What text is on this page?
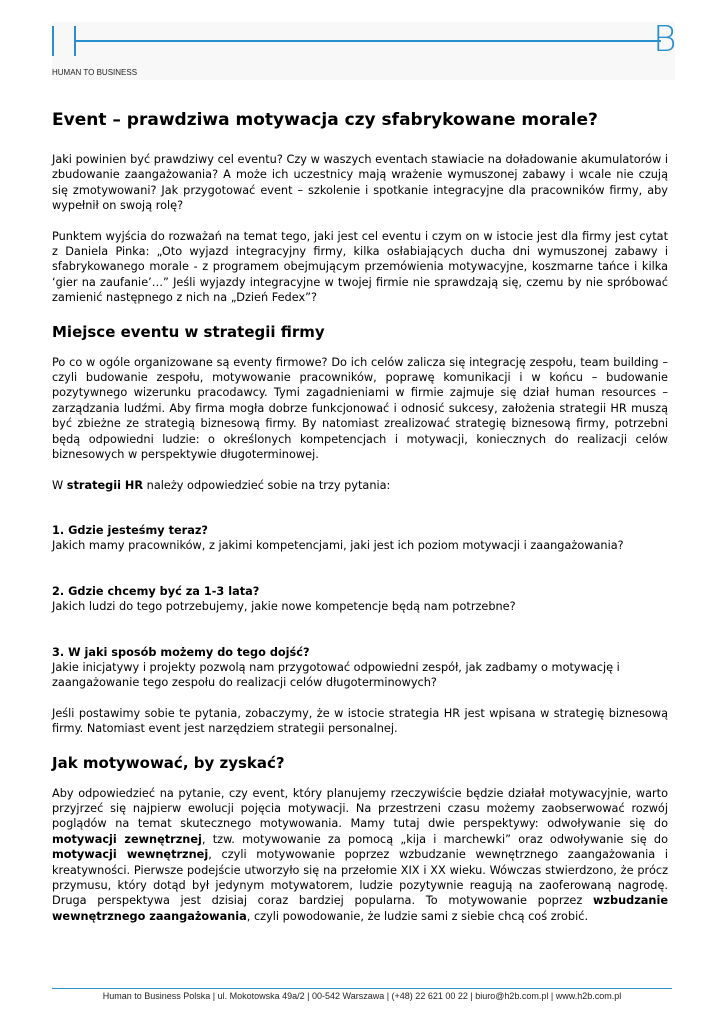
B
HUMAN TO BUSINESS
Event – prawdziwa motywacja czy sfabrykowane morale?

Jaki powinien być prawdziwy cel eventu? Czy w waszych eventach stawiacie na doładowanie akumulatorów i zbudowanie zaangażowania? A może ich uczestnicy mają wrażenie wymuszonej zabawy i wcale nie czują się zmotywowani? Jak przygotować event – szkolenie i spotkanie integracyjne dla pracowników firmy, aby wypełnił on swoją rolę?

Punktem wyjścia do rozważań na temat tego, jaki jest cel eventu i czym on w istocie jest dla firmy jest cytat z Daniela Pinka: „Oto wyjazd integracyjny firmy, kilka osłabiających ducha dni wymuszonej zabawy i sfabrykowanego morale - z programem obejmującym przemówienia motywacyjne, koszmarne tańce i kilka ‘gier na zaufanie’…” Jeśli wyjazdy integracyjne w twojej firmie nie sprawdzają się, czemu by nie spróbować zamienić następnego z nich na „Dzień Fedex”?

Miejsce eventu w strategii firmy

Po co w ogóle organizowane są eventy firmowe? Do ich celów zalicza się integrację zespołu, team building – czyli budowanie zespołu, motywowanie pracowników, poprawę komunikacji i w końcu – budowanie pozytywnego wizerunku pracodawcy. Tymi zagadnieniami w firmie zajmuje się dział human resources – zarządzania ludźmi. Aby firma mogła dobrze funkcjonować i odnosić sukcesy, założenia strategii HR muszą być zbieżne ze strategią biznesową firmy. By natomiast zrealizować strategię biznesową firmy, potrzebni będą odpowiedni ludzie: o określonych kompetencjach i motywacji, koniecznych do realizacji celów biznesowych w perspektywie długoterminowej.

W strategii HR należy odpowiedzieć sobie na trzy pytania:

1. Gdzie jesteśmy teraz?
Jakich mamy pracowników, z jakimi kompetencjami, jaki jest ich poziom motywacji i zaangażowania?
2. Gdzie chcemy być za 1-3 lata?
Jakich ludzi do tego potrzebujemy, jakie nowe kompetencje będą nam potrzebne?
3. W jaki sposób możemy do tego dojść?
Jakie inicjatywy i projekty pozwolą nam przygotować odpowiedni zespół, jak zadbamy o motywację i zaangażowanie tego zespołu do realizacji celów długoterminowych?

Jeśli postawimy sobie te pytania, zobaczymy, że w istocie strategia HR jest wpisana w strategię biznesową firmy. Natomiast event jest narzędziem strategii personalnej.

Jak motywować, by zyskać?

Aby odpowiedzieć na pytanie, czy event, który planujemy rzeczywiście będzie działał motywacyjnie, warto przyjrzeć się najpierw ewolucji pojęcia motywacji. Na przestrzeni czasu możemy zaobserwować rozwój poglądów na temat skutecznego motywowania. Mamy tutaj dwie perspektywy: odwoływanie się do motywacji zewnętrznej, tzw. motywowanie za pomocą „kija i marchewki” oraz odwoływanie się do motywacji wewnętrznej, czyli motywowanie poprzez wzbudzanie wewnętrznego zaangażowania i kreatywności. Pierwsze podejście utworzyło się na przełomie XIX i XX wieku. Wówczas stwierdzono, że prócz przymusu, który dotąd był jedynym motywatorem, ludzie pozytywnie reagują na zaoferowaną nagrodę. Druga perspektywa jest dzisiaj coraz bardziej popularna. To motywowanie poprzez wzbudzanie wewnętrznego zaangażowania, czyli powodowanie, że ludzie sami z siebie chcą coś zrobić.

Human to Business Polska | ul. Mokotowska 49a/2 | 00-542 Warszawa | (+48) 22 621 00 22 | biuro@h2b.com.pl | www.h2b.com.pl
